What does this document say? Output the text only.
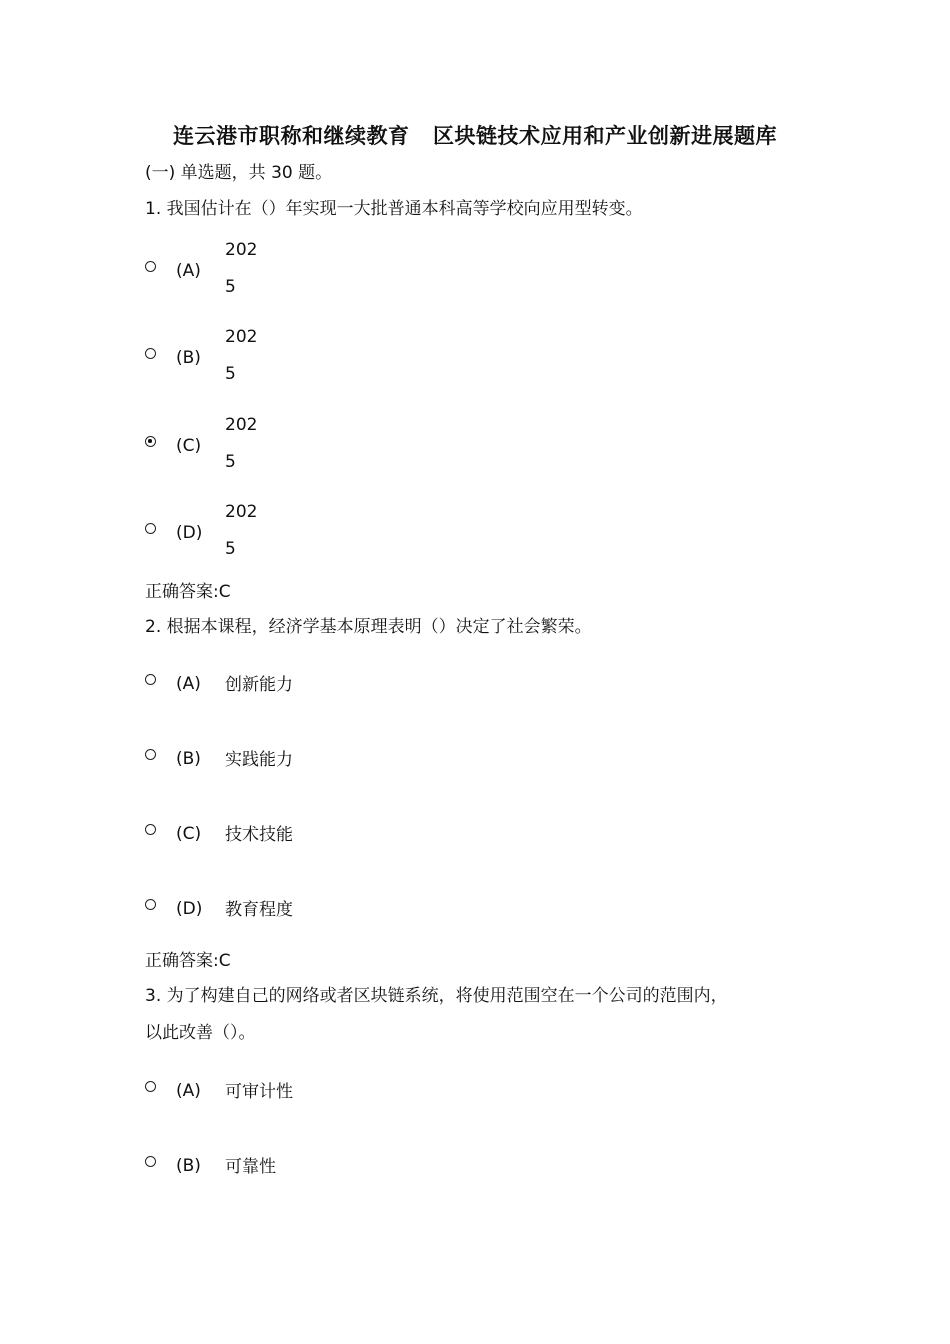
连云港市职称和继续教育   区块链技术应用和产业创新进展题库
(一) 单选题，共 30 题。
1. 我国估计在（）年实现一大批普通本科高等学校向应用型转变。
(A)
2025
(B)
2025
(C)
2025
(D)
2025
正确答案:C
2. 根据本课程，经济学基本原理表明（）决定了社会繁荣。
(A) 创新能力
(B) 实践能力
(C) 技术技能
(D) 教育程度
正确答案:C
3. 为了构建自己的网络或者区块链系统，将使用范围空在一个公司的范围内，
以此改善（）。
(A) 可审计性
(B) 可靠性
